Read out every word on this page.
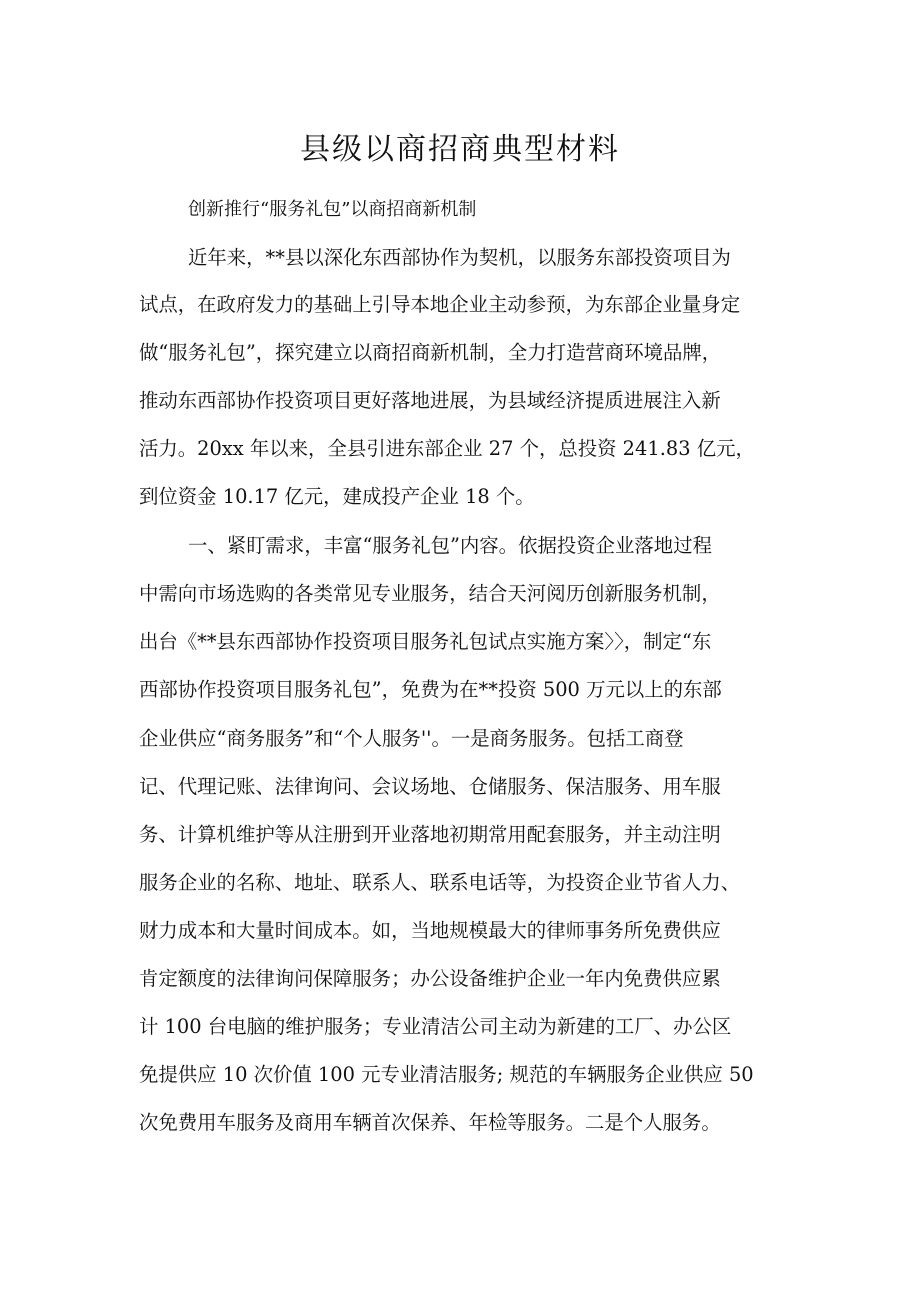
县级以商招商典型材料

创新推行“服务礼包”以商招商新机制

近年来，**县以深化东西部协作为契机，以服务东部投资项目为

试点，在政府发力的基础上引导本地企业主动参预，为东部企业量身定

做“服务礼包”，探究建立以商招商新机制，全力打造营商环境品牌，

推动东西部协作投资项目更好落地进展，为县域经济提质进展注入新

活力。20xx 年以来，全县引进东部企业 27 个，总投资 241.83 亿元，

到位资金 10.17 亿元，建成投产企业 18 个。

一、紧盯需求，丰富“服务礼包”内容。依据投资企业落地过程

中需向市场选购的各类常见专业服务，结合天河阅历创新服务机制，

出台《**县东西部协作投资项目服务礼包试点实施方案〉〉，制定“东

西部协作投资项目服务礼包”，免费为在**投资 500 万元以上的东部

企业供应“商务服务”和“个人服务''。一是商务服务。包括工商登

记、代理记账、法律询问、会议场地、仓储服务、保洁服务、用车服

务、计算机维护等从注册到开业落地初期常用配套服务，并主动注明

服务企业的名称、地址、联系人、联系电话等，为投资企业节省人力、

财力成本和大量时间成本。如，当地规模最大的律师事务所免费供应

肯定额度的法律询问保障服务；办公设备维护企业一年内免费供应累

计 100 台电脑的维护服务；专业清洁公司主动为新建的工厂、办公区

免提供应 10 次价值 100 元专业清洁服务; 规范的车辆服务企业供应 50

次免费用车服务及商用车辆首次保养、年检等服务。二是个人服务。
